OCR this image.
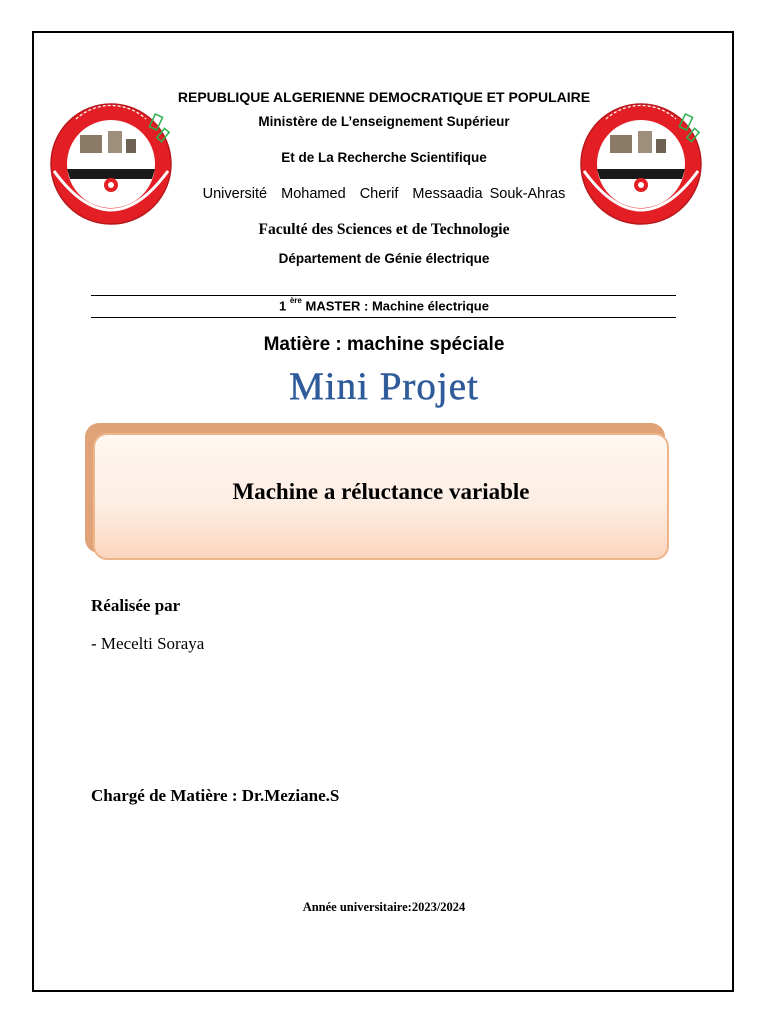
REPUBLIQUE ALGERIENNE DEMOCRATIQUE ET POPULAIRE
Ministère de L’enseignement Supérieur
Et de La Recherche Scientifique
Université  Mohamed  Cherif  Messaadia Souk-Ahras
Faculté des Sciences et de Technologie
Département de Génie électrique
1 $^{ère}$ MASTER : Machine électrique
Matière : machine spéciale
Mini Projet
Machine a réluctance variable
Réalisée par
- Mecelti Soraya
Chargé de Matière : Dr.Meziane.S
Année universitaire:2023/2024
